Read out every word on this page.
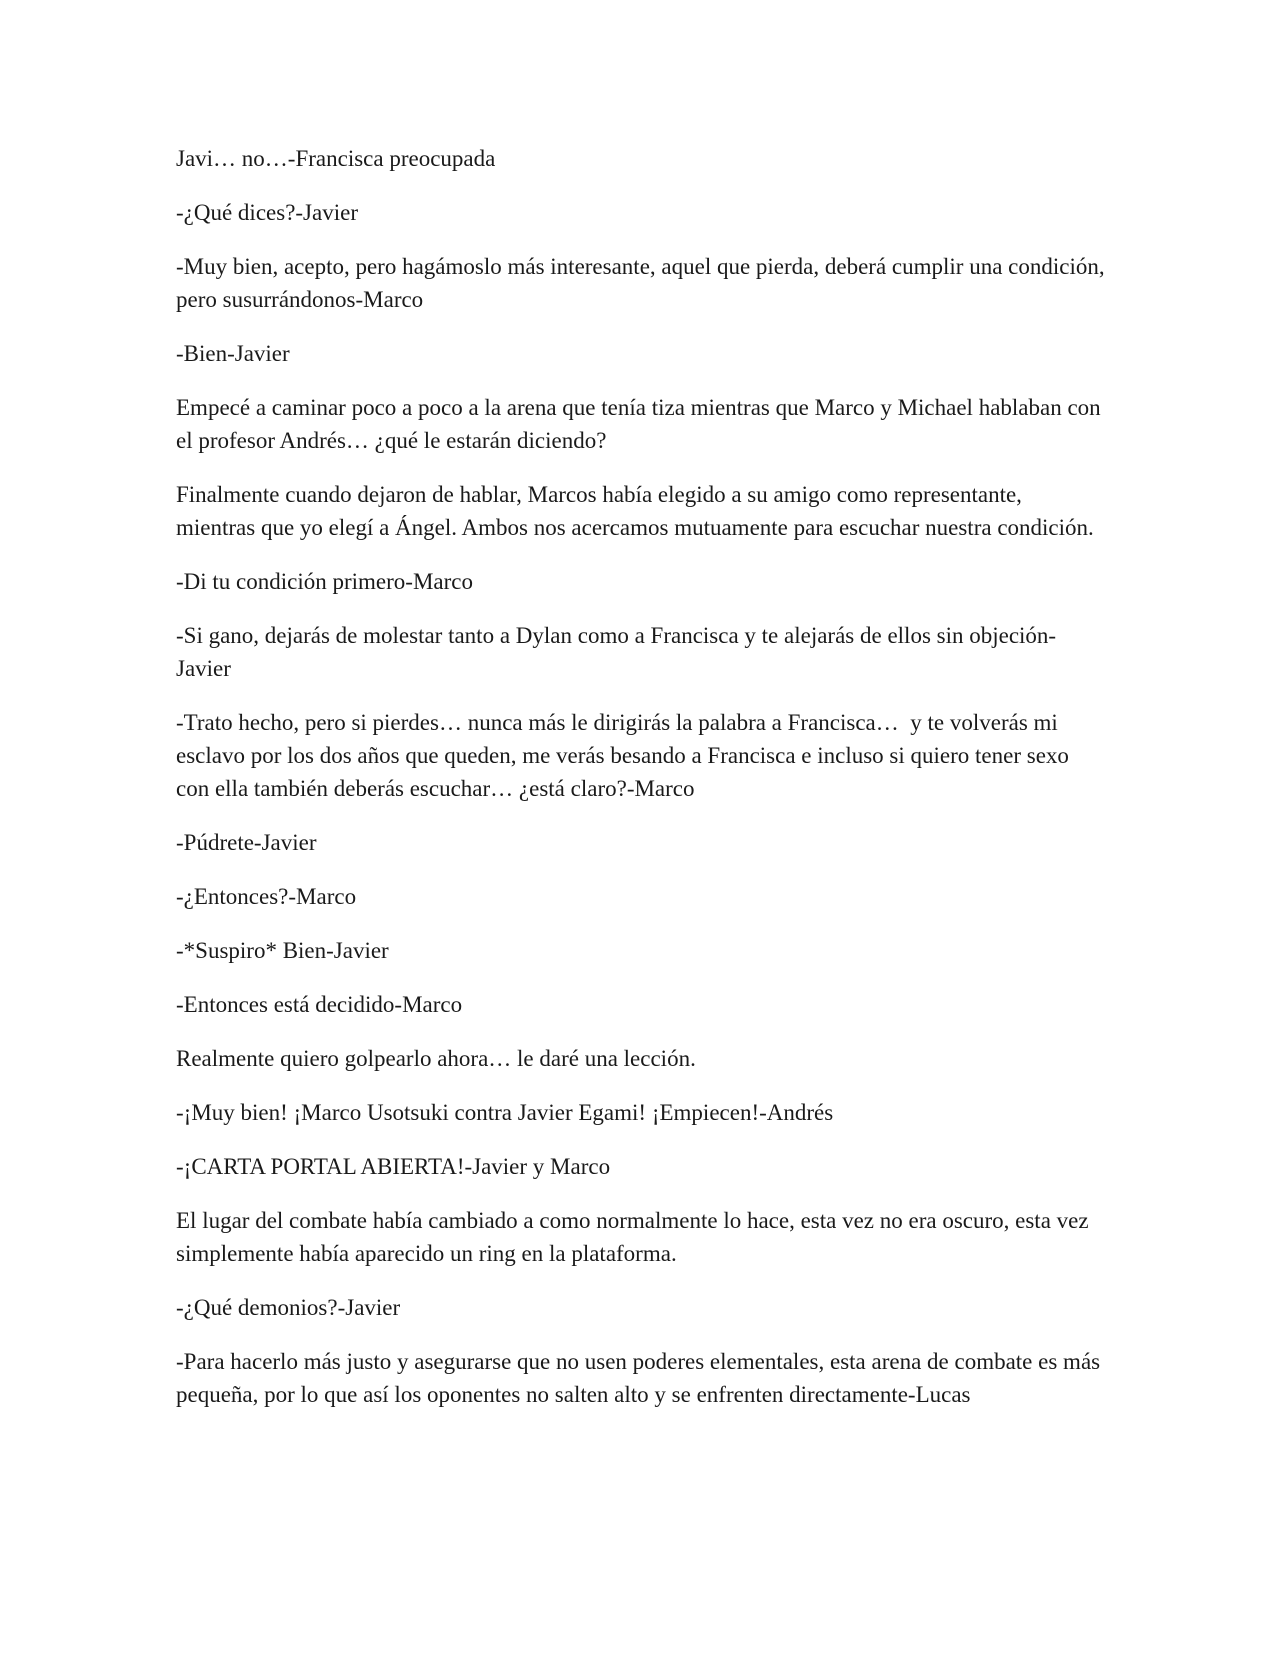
Javi… no…-Francisca preocupada

-¿Qué dices?-Javier

-Muy bien, acepto, pero hagámoslo más interesante, aquel que pierda, deberá cumplir una condición, pero susurrándonos-Marco

-Bien-Javier

Empecé a caminar poco a poco a la arena que tenía tiza mientras que Marco y Michael hablaban con el profesor Andrés… ¿qué le estarán diciendo?

Finalmente cuando dejaron de hablar, Marcos había elegido a su amigo como representante, mientras que yo elegí a Ángel. Ambos nos acercamos mutuamente para escuchar nuestra condición.

-Di tu condición primero-Marco

-Si gano, dejarás de molestar tanto a Dylan como a Francisca y te alejarás de ellos sin objeción-Javier

-Trato hecho, pero si pierdes… nunca más le dirigirás la palabra a Francisca…  y te volverás mi esclavo por los dos años que queden, me verás besando a Francisca e incluso si quiero tener sexo con ella también deberás escuchar… ¿está claro?-Marco

-Púdrete-Javier

-¿Entonces?-Marco

-*Suspiro* Bien-Javier

-Entonces está decidido-Marco

Realmente quiero golpearlo ahora… le daré una lección.

-¡Muy bien! ¡Marco Usotsuki contra Javier Egami! ¡Empiecen!-Andrés

-¡CARTA PORTAL ABIERTA!-Javier y Marco

El lugar del combate había cambiado a como normalmente lo hace, esta vez no era oscuro, esta vez simplemente había aparecido un ring en la plataforma.

-¿Qué demonios?-Javier

-Para hacerlo más justo y asegurarse que no usen poderes elementales, esta arena de combate es más pequeña, por lo que así los oponentes no salten alto y se enfrenten directamente-Lucas
